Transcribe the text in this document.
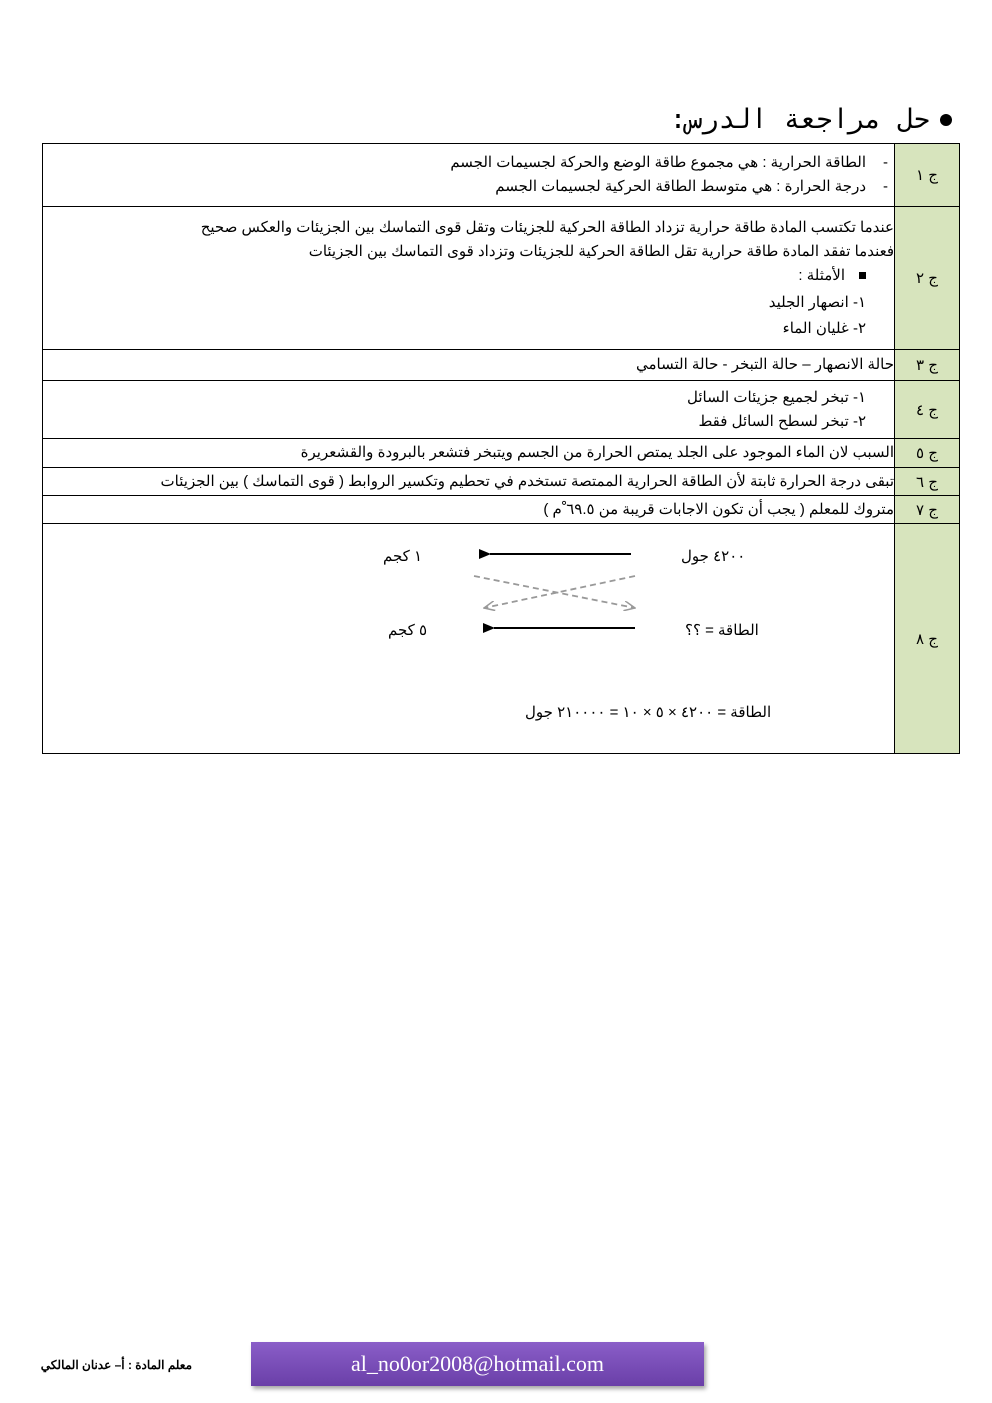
حل مراجعة الدرس:
ج ١	-الطاقة الحرارية : هي مجموع طاقة الوضع والحركة لجسيمات الجسم
-درجة الحرارة : هي متوسط الطاقة الحركية لجسيمات الجسم

ج ٢	عندما تكتسب المادة طاقة حرارية تزداد الطاقة الحركية للجزيئات وتقل قوى التماسك بين الجزيئات والعكس صحيح
فعندما تفقد المادة طاقة حرارية تقل الطاقة الحركية للجزيئات وتزداد قوى التماسك بين الجزيئات
الأمثلة :
١- انصهار الجليد
٢- غليان الماء

ج ٣	حالة الانصهار – حالة التبخر - حالة التسامي
ج ٤	١- تبخر لجميع جزيئات السائل
٢- تبخر لسطح السائل فقط

ج ٥	السبب لان الماء الموجود على الجلد يمتص الحرارة من الجسم ويتبخر فتشعر بالبرودة والقشعريرة
ج ٦	تبقى درجة الحرارة ثابتة لأن الطاقة الحرارية الممتصة تستخدم في تحطيم وتكسير الروابط ( قوى التماسك ) بين الجزيئات
ج ٧	متروك للمعلم ( يجب أن تكون الاجابات قريبة من ٦٩.٥ ْم )
ج ٨	٤٢٠٠ جول
١ كجم
الطاقة = ؟؟
٥ كجم
الطاقة = ٤٢٠٠ × ٥ × ١٠ = ٢١٠٠٠٠ جول
al_no0or2008@hotmail.com
معلم المادة : أ– عدنان المالكي
